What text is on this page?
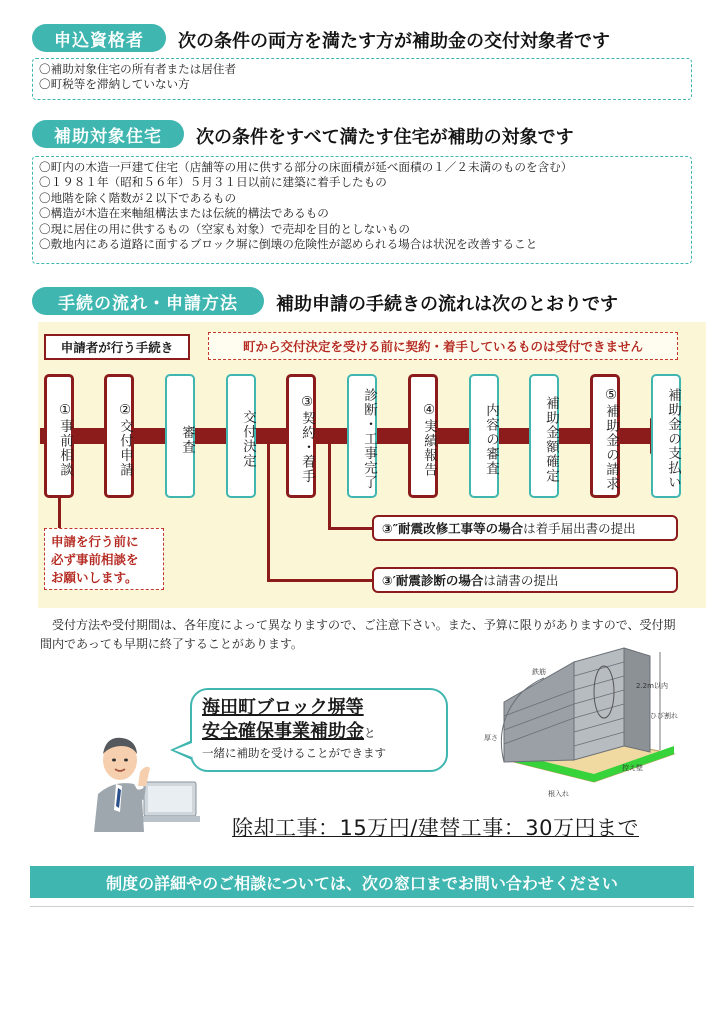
申込資格者	次の条件の両方を満たす方が補助金の交付対象者です
〇補助対象住宅の所有者または居住者
〇町税等を滞納していない方
補助対象住宅	次の条件をすべて満たす住宅が補助の対象です
〇町内の木造一戸建て住宅（店舗等の用に供する部分の床面積が延べ面積の１／２未満のものを含む）
〇１９８１年（昭和５６年）５月３１日以前に建築に着手したもの
〇地階を除く階数が２以下であるもの
〇構造が木造在来軸組構法または伝統的構法であるもの
〇現に居住の用に供するもの（空家も対象）で売却を目的としないもの
〇敷地内にある道路に面するブロック塀に倒壊の危険性が認められる場合は状況を改善すること
手続の流れ・申請方法	補助申請の手続きの流れは次のとおりです
申請者が行う手続き	町から交付決定を受ける前に契約・着手しているものは受付できません
①事前相談	②交付申請	審査	交付決定	③契約・着手	診断・工事完了	④実績報告	内容の審査	補助金額確定	⑤補助金の請求	補助金の支払い
③″耐震改修工事等の場合 は着手届出書の提出
③′耐震診断の場合 は請書の提出
申請を行う前に
必ず事前相談を
お願いします。
　受付方法や受付期間は、各年度によって異なりますので、ご注意下さい。また、予算に限りがありますので、受付期間内であっても早期に終了することがあります。
海田町ブロック塀等
安全確保事業補助金と
一緒に補助を受けることができます
鉄筋
厚さ
2.2m以内
ひび割れ
控え壁
根入れ
除却工事：15万円/建替工事：30万円まで
制度の詳細やのご相談については、次の窓口までお問い合わせください
